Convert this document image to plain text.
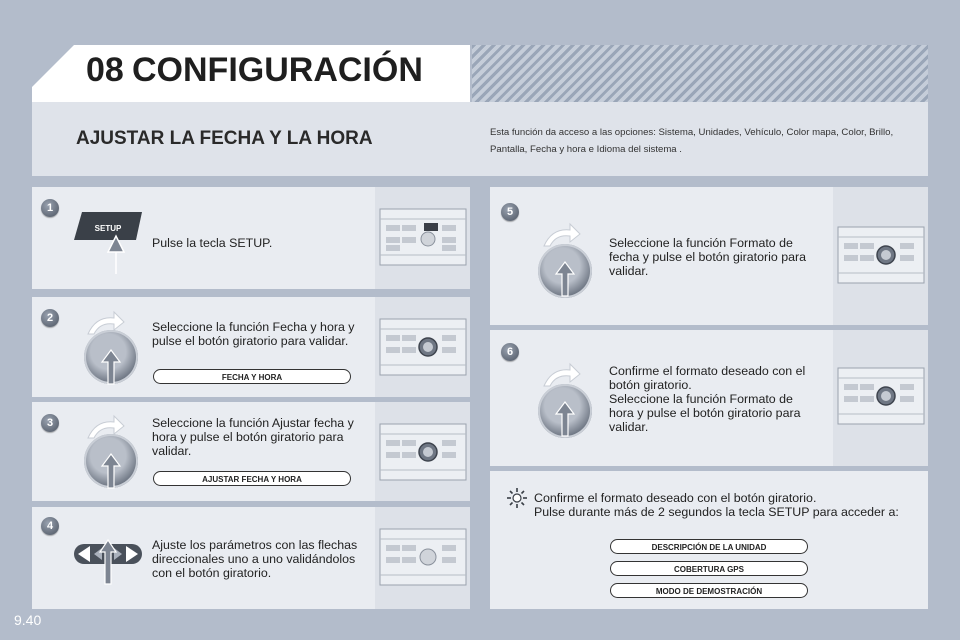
08 CONFIGURACIÓN
AJUSTAR LA FECHA Y LA HORA	Esta función da acceso a las opciones: Sistema, Unidades, Vehículo, Color mapa, Color, Brillo, Pantalla, Fecha y hora e Idioma del sistema .
1
SETUP
Pulse la tecla SETUP.
2
Seleccione la función Fecha y hora y pulse el botón giratorio para validar.
FECHA Y HORA
3	Seleccione la función Ajustar fecha y hora y pulse el botón giratorio para validar.
AJUSTAR FECHA Y HORA
4
Ajuste los parámetros con las flechas direccionales uno a uno validándolos con el botón giratorio.
5
Seleccione la función Formato de fecha y pulse el botón giratorio para validar.
6
Confirme el formato deseado con el botón giratorio.
Seleccione la función Formato de hora y pulse el botón giratorio para validar.
Confirme el formato deseado con el botón giratorio.
Pulse durante más de 2 segundos la tecla SETUP para acceder a:
DESCRIPCIÓN DE LA UNIDAD
COBERTURA GPS
MODO DE DEMOSTRACIÓN
9.40
